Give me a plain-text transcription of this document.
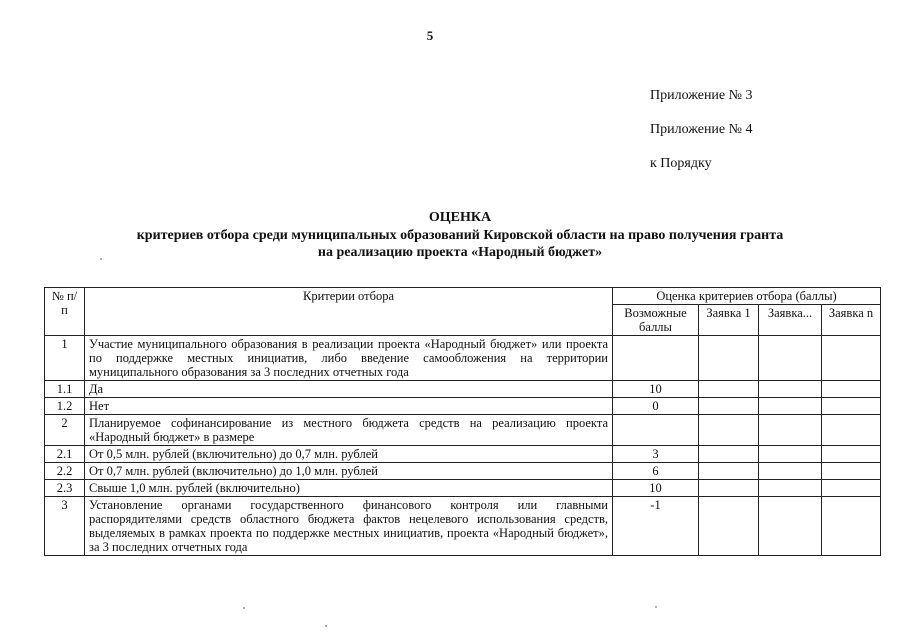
5
Приложение № 3
Приложение № 4
к Порядку
ОЦЕНКА
критериев отбора среди муниципальных образований Кировской области на право получения гранта
на реализацию проекта «Народный бюджет»
№ п/п	Критерии отбора	Оценка критериев отбора (баллы)			
		Возможные баллы	Заявка 1	Заявка...	Заявка n
1	Участие муниципального образования в реализации проекта «Народный бюджет» или проекта по поддержке местных инициатив, либо введение самообложения на территории муниципального образования за 3 последних отчетных года				
1.1	Да	10			
1.2	Нет	0			
2	Планируемое софинансирование из местного бюджета средств на реализацию проекта «Народный бюджет» в размере				
2.1	От 0,5 млн. рублей (включительно) до 0,7 млн. рублей	3			
2.2	От 0,7 млн. рублей (включительно) до 1,0 млн. рублей	6			
2.3	Свыше 1,0 млн. рублей (включительно)	10			
3	Установление органами государственного финансового контроля или главными распорядителями средств областного бюджета фактов нецелевого использования средств, выделяемых в рамках проекта по поддержке местных инициатив, проекта «Народный бюджет», за 3 последних отчетных года	-1			
